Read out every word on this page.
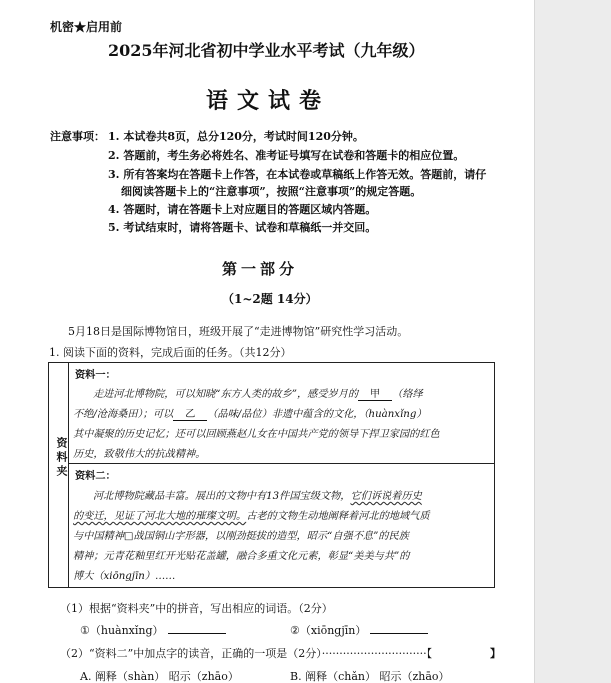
机密★启用前
2025年河北省初中学业水平考试（九年级）
语文试卷
注意事项： 1. 本试卷共8页，总分120分，考试时间120分钟。
2. 答题前，考生务必将姓名、准考证号填写在试卷和答题卡的相应位置。
3. 所有答案均在答题卡上作答，在本试卷或草稿纸上作答无效。答题前，请仔
细阅读答题卡上的“注意事项”，按照“注意事项”的规定答题。
4. 答题时，请在答题卡上对应题目的答题区域内答题。
5. 考试结束时，请将答题卡、试卷和草稿纸一并交回。
第一部分
（1~2题 14分）
5月18日是国际博物馆日，班级开展了“走进博物馆”研究性学习活动。
1. 阅读下面的资料，完成后面的任务。（共12分）
资料夹
资料一：
走进河北博物院，可以知晓“东方人类的故乡”，感受岁月的 甲 （络绎
不绝/沧海桑田）；可以 乙 （品味/品位）非遗中蕴含的文化，（huànxǐng）
其中凝聚的历史记忆；还可以回顾燕赵儿女在中国共产党的领导下捍卫家园的红色
历史，致敬伟大的抗战精神。
资料二：
河北博物院藏品丰富。展出的文物中有13件国宝级文物，它们诉说着历史
的变迁，见证了河北大地的璀璨文明。古老的文物生动地阐释着河北的地域气质
与中国精神□战国铜山字形器，以刚劲挺拔的造型，昭示“自强不息”的民族
精神；元青花釉里红开光贴花盖罐，融合多重文化元素，彰显“美美与共”的
博大（xiōngjīn）……
（1）根据“资料夹”中的拼音，写出相应的词语。（2分）
①（huànxǐng）	②（xiōngjīn）
（2）“资料二”中加点字的读音，正确的一项是（2分）······························【	】
A. 阐释（shàn） 昭示（zhāo）	B. 阐释（chǎn） 昭示（zhāo）
